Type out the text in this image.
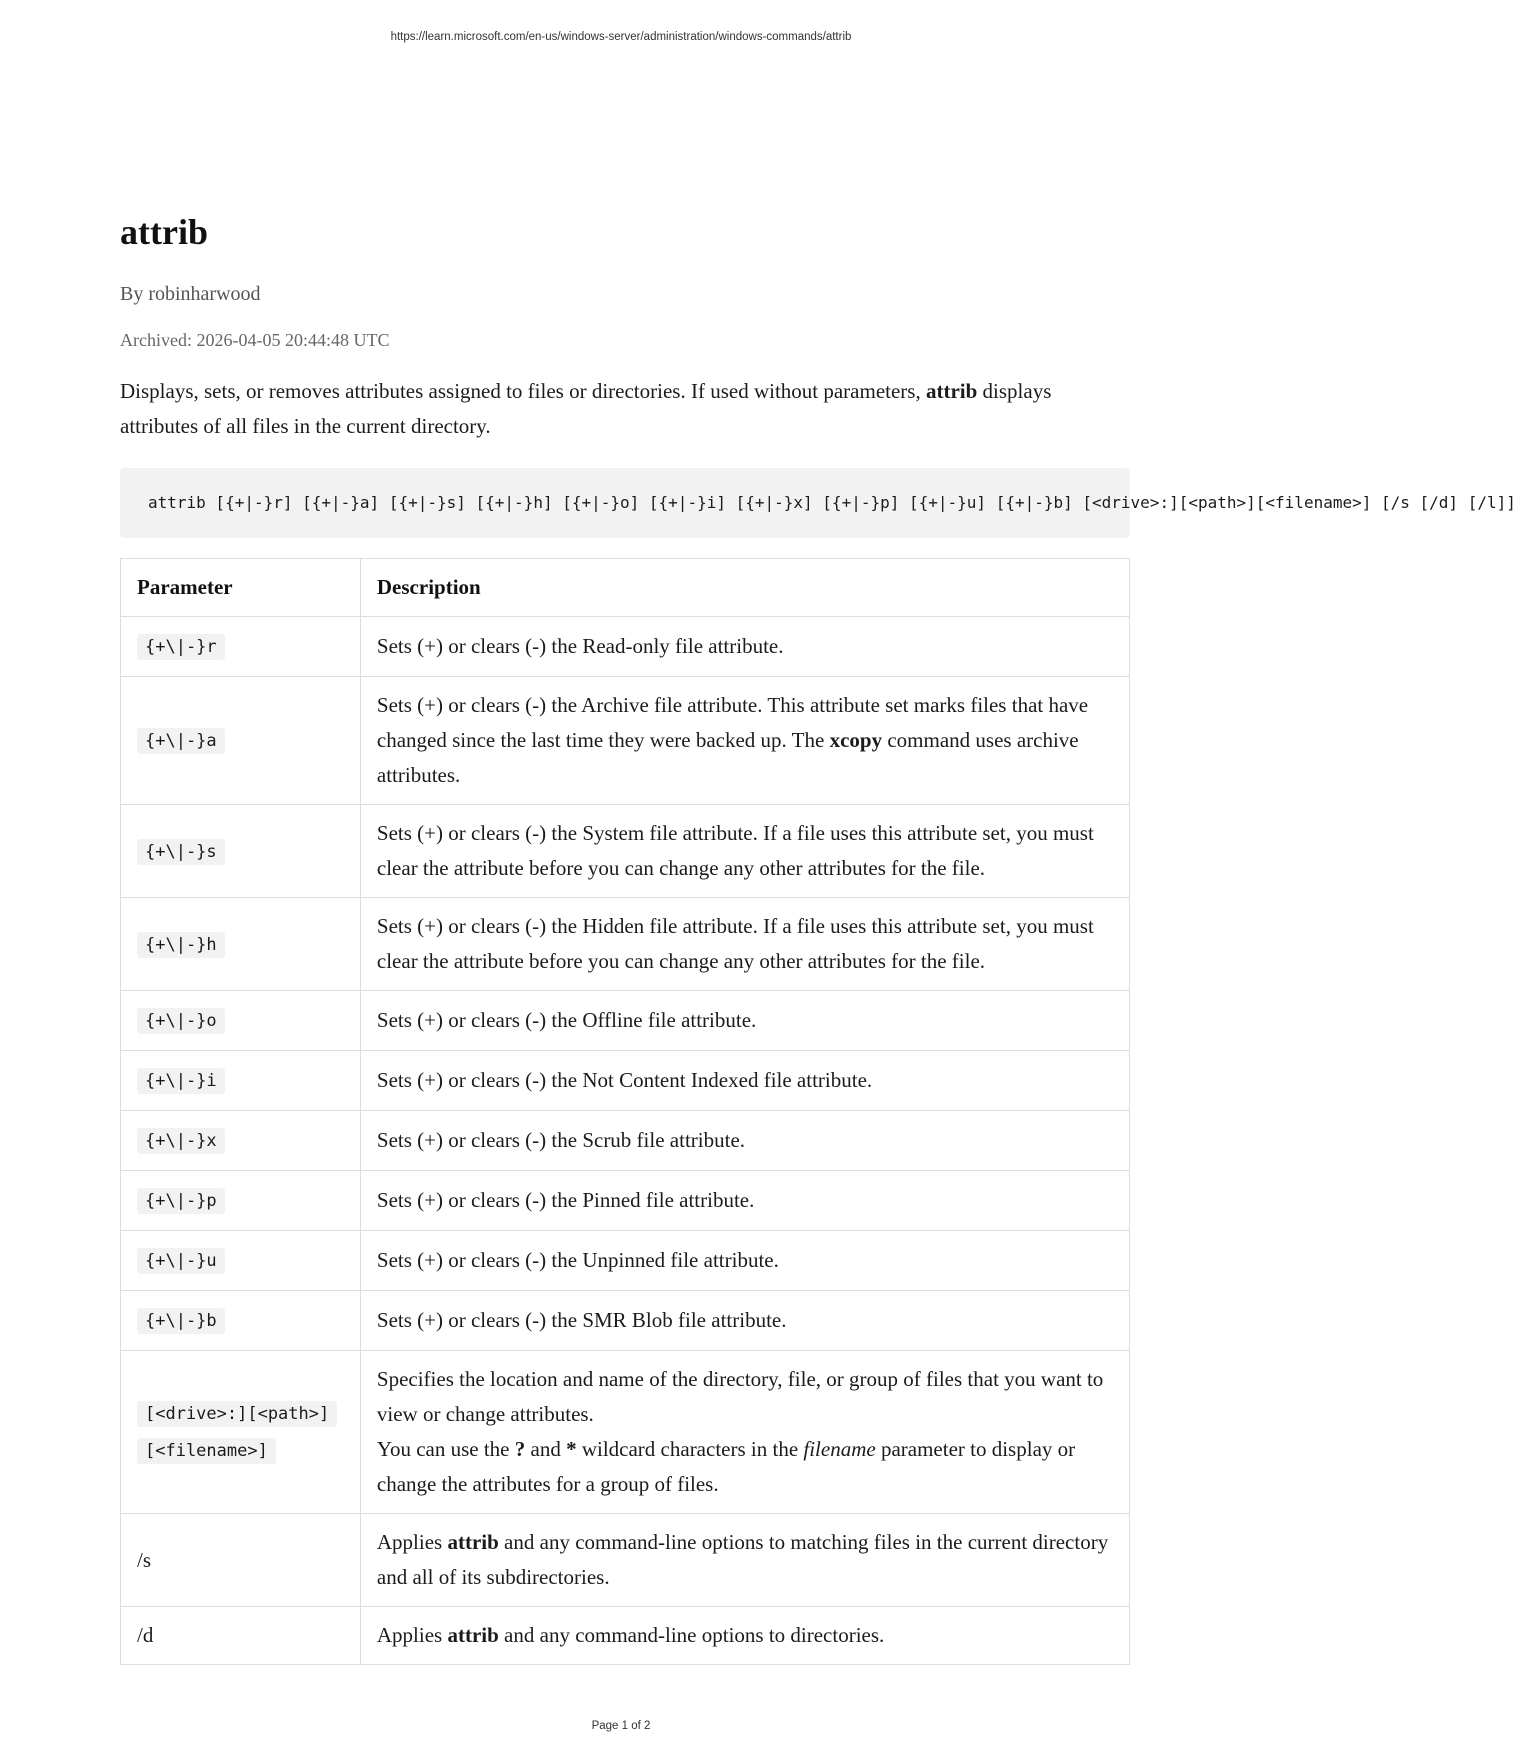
https://learn.microsoft.com/en-us/windows-server/administration/windows-commands/attrib
attrib
By robinharwood
Archived: 2026-04-05 20:44:48 UTC

Displays, sets, or removes attributes assigned to files or directories. If used without parameters, attrib displays attributes of all files in the current directory.

attrib [{+|-}r] [{+|-}a] [{+|-}s] [{+|-}h] [{+|-}o] [{+|-}i] [{+|-}x] [{+|-}p] [{+|-}u] [{+|-}b] [<drive>:][<path>][<filename>] [/s [/d] [/l]]
Parameter	Description
{+\|-}r	Sets (+) or clears (-) the Read-only file attribute.
{+\|-}a	Sets (+) or clears (-) the Archive file attribute. This attribute set marks files that have changed since the last time they were backed up. The xcopy command uses archive attributes.
{+\|-}s	Sets (+) or clears (-) the System file attribute. If a file uses this attribute set, you must clear the attribute before you can change any other attributes for the file.
{+\|-}h	Sets (+) or clears (-) the Hidden file attribute. If a file uses this attribute set, you must clear the attribute before you can change any other attributes for the file.
{+\|-}o	Sets (+) or clears (-) the Offline file attribute.
{+\|-}i	Sets (+) or clears (-) the Not Content Indexed file attribute.
{+\|-}x	Sets (+) or clears (-) the Scrub file attribute.
{+\|-}p	Sets (+) or clears (-) the Pinned file attribute.
{+\|-}u	Sets (+) or clears (-) the Unpinned file attribute.
{+\|-}b	Sets (+) or clears (-) the SMR Blob file attribute.
[<drive>:][<path>]
[<filename>]	Specifies the location and name of the directory, file, or group of files that you want to view or change attributes.
You can use the ? and * wildcard characters in the filename parameter to display or change the attributes for a group of files.
/s	Applies attrib and any command-line options to matching files in the current directory and all of its subdirectories.
/d	Applies attrib and any command-line options to directories.
Page 1 of 2
